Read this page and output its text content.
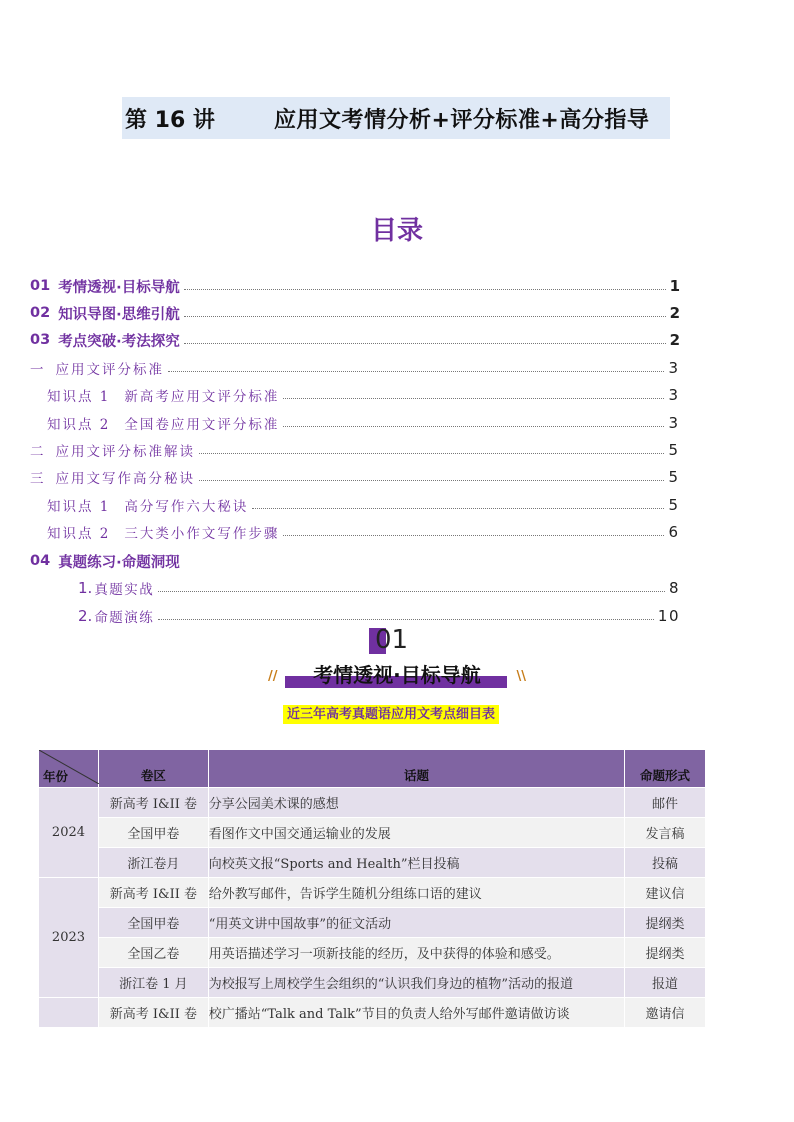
第 16 讲	应用文考情分析+评分标准+高分指导
目录
01 考情透视·目标导航	1
02 知识导图·思维引航	2
03 考点突破·考法探究	2
一 应用文评分标准	3
知识点 1 新高考应用文评分标准	3
知识点 2 全国卷应用文评分标准	3
二 应用文评分标准解读	5
三 应用文写作高分秘诀	5
知识点 1 高分写作六大秘诀	5
知识点 2 三大类小作文写作步骤	6
04 真题练习·命题洞现
1. 真题实战	8
2. 命题演练	10
01
//	考情透视·目标导航	\\
近三年高考真题语应用文考点细目表
年份	卷区	话题	命题形式
2024	新高考 I&II 卷	分享公园美术课的感想	邮件
	全国甲卷	看图作文中国交通运输业的发展	发言稿
	浙江卷月	向校英文报“Sports and Health”栏目投稿	投稿
2023	新高考 I&II 卷	给外教写邮件，告诉学生随机分组练口语的建议	建议信
	全国甲卷	“用英文讲中国故事”的征文活动	提纲类
	全国乙卷	用英语描述学习一项新技能的经历，及中获得的体验和感受。	提纲类
	浙江卷 1 月	为校报写上周校学生会组织的“认识我们身边的植物”活动的报道	报道
	新高考 I&II 卷	校广播站“Talk and Talk”节目的负责人给外写邮件邀请做访谈	邀请信
